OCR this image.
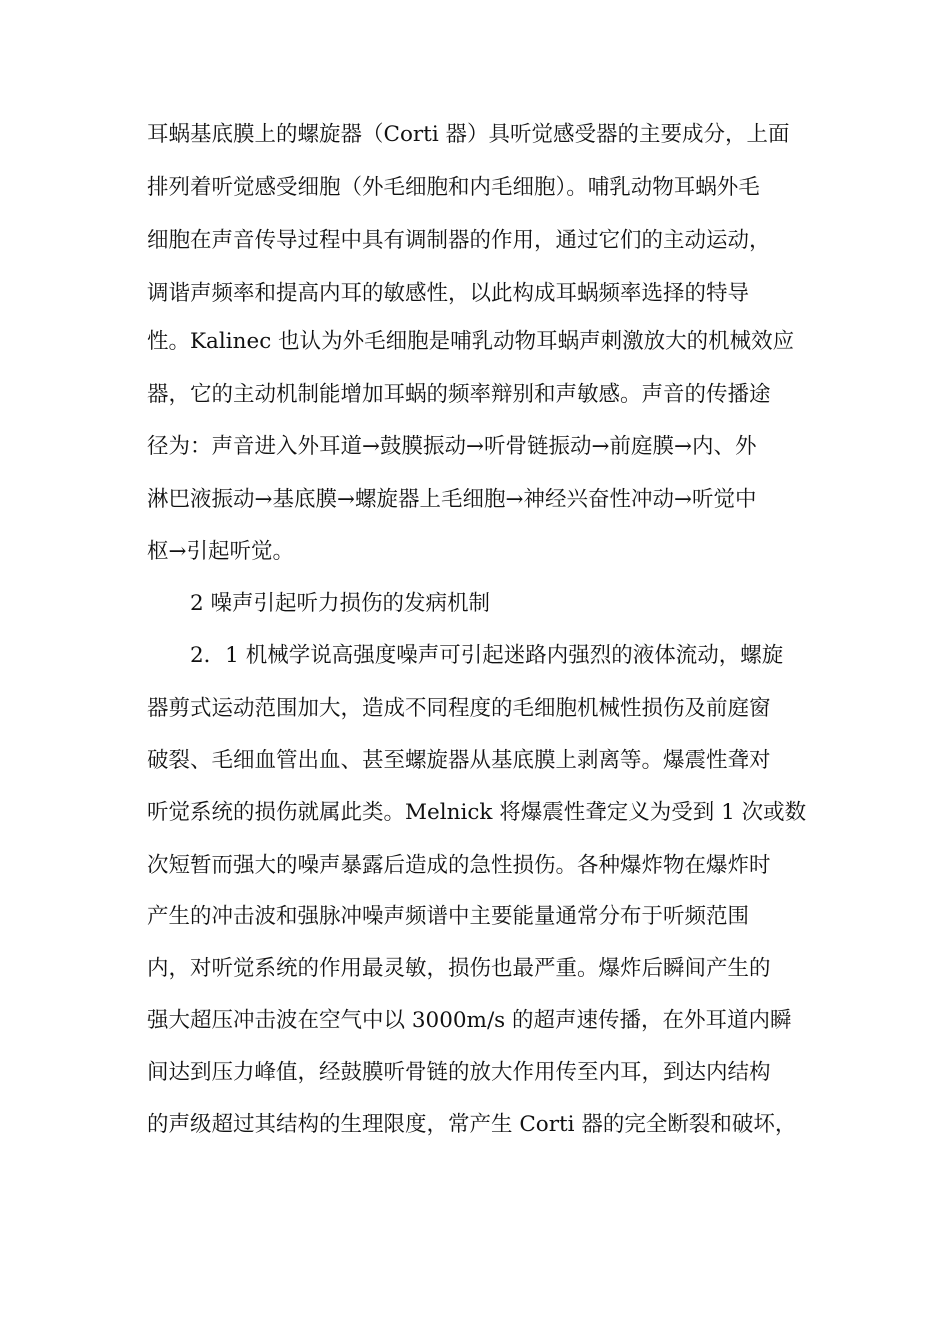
耳蜗基底膜上的螺旋器（Corti 器）具听觉感受器的主要成分，上面

排列着听觉感受细胞（外毛细胞和内毛细胞）。哺乳动物耳蜗外毛

细胞在声音传导过程中具有调制器的作用，通过它们的主动运动，

调谐声频率和提高内耳的敏感性，以此构成耳蜗频率选择的特导

性。Kalinec 也认为外毛细胞是哺乳动物耳蜗声刺激放大的机械效应

器，它的主动机制能增加耳蜗的频率辩别和声敏感。声音的传播途

径为：声音进入外耳道→鼓膜振动→听骨链振动→前庭膜→内、外

淋巴液振动→基底膜→螺旋器上毛细胞→神经兴奋性冲动→听觉中

枢→引起听觉。

2 噪声引起听力损伤的发病机制

2．1 机械学说高强度噪声可引起迷路内强烈的液体流动，螺旋

器剪式运动范围加大，造成不同程度的毛细胞机械性损伤及前庭窗

破裂、毛细血管出血、甚至螺旋器从基底膜上剥离等。爆震性聋对

听觉系统的损伤就属此类。Melnick 将爆震性聋定义为受到 1 次或数

次短暂而强大的噪声暴露后造成的急性损伤。各种爆炸物在爆炸时

产生的冲击波和强脉冲噪声频谱中主要能量通常分布于听频范围

内，对听觉系统的作用最灵敏，损伤也最严重。爆炸后瞬间产生的

强大超压冲击波在空气中以 3000m/s 的超声速传播，在外耳道内瞬

间达到压力峰值，经鼓膜听骨链的放大作用传至内耳，到达内结构

的声级超过其结构的生理限度，常产生 Corti 器的完全断裂和破坏，
